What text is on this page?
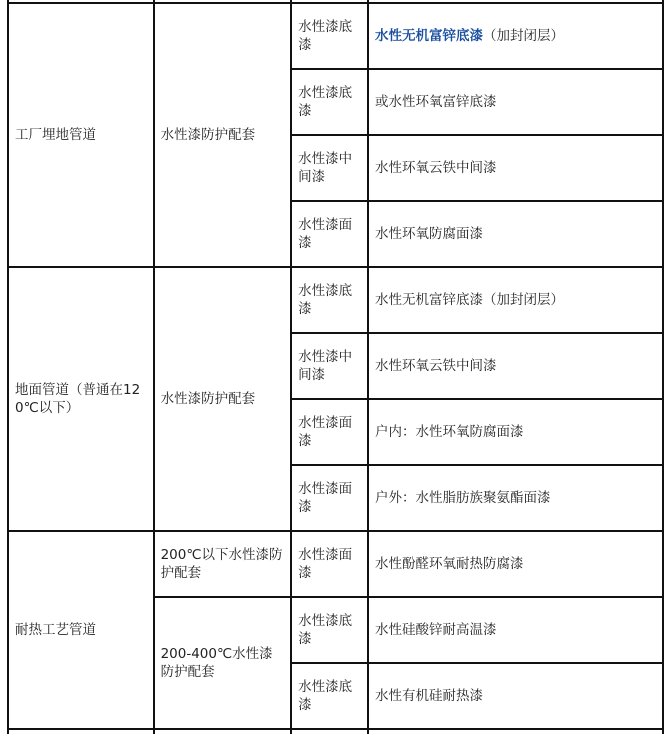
工厂埋地管道	水性漆防护配套	水性漆底漆	水性无机富锌底漆（加封闭层）
		水性漆底漆	或水性环氧富锌底漆
		水性漆中间漆	水性环氧云铁中间漆
		水性漆面漆	水性环氧防腐面漆
地面管道（普通在120℃以下）	水性漆防护配套	水性漆底漆	水性无机富锌底漆（加封闭层）
		水性漆中间漆	水性环氧云铁中间漆
		水性漆面漆	户内：水性环氧防腐面漆
		水性漆面漆	户外：水性脂肪族聚氨酯面漆
耐热工艺管道	200℃以下水性漆防护配套	水性漆面漆	水性酚醛环氧耐热防腐漆
	200-400℃水性漆防护配套	水性漆底漆	水性硅酸锌耐高温漆
		水性漆底漆	水性有机硅耐热漆
